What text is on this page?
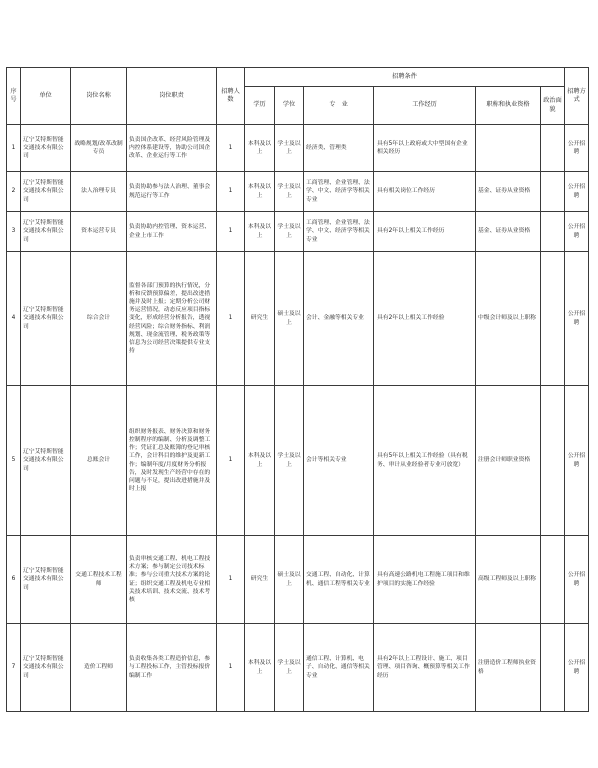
序号	单位	岗位名称	岗位职责	招聘人数	招聘条件						招聘方式
					学历	学位	专　业	工作经历	职称和执业资格	政治面貌	
1	辽宁艾特斯智能交通技术有限公司	战略规划/改革改制专员	负责国企改革、经营风险管理及内控体系建设等，协助公司国企改革、企业运行等工作	1	本科及以上	学士及以上	经济类、管理类	具有5年以上政府或大中型国有企业相关经历			公开招聘
2	辽宁艾特斯智能交通技术有限公司	法人治理专员	负责协助参与法人治理、董事会规范运行等工作	1	本科及以上	学士及以上	工商管理、企业管理、法学、中文、经济学等相关专业	具有相关岗位工作经历	基金、证券从业资格		公开招聘
3	辽宁艾特斯智能交通技术有限公司	资本运营专员	负责协助内控管理、资本运营、企业上市工作	1	本科及以上	学士及以上	工商管理、企业管理、法学、中文、经济学等相关专业	具有2年以上相关工作经历	基金、证券从业资格		公开招聘
4	辽宁艾特斯智能交通技术有限公司	综合会计	监督各部门预算的执行情况，分析和反馈预算偏差，提出改进措施并及时上报；定期分析公司财务运营情况，动态反应项目指标变化，形成经营分析报告，透视经营风险；综合财务指标、利润规划、现金流管理、税务政策等信息为公司经营决策提供专业支持	1	研究生	硕士及以上	会计、金融等相关专业	具有2年以上相关工作经验	中级会计师及以上职称		公开招聘
5	辽宁艾特斯智能交通技术有限公司	总账会计	组织财务报表、财务决算和财务控制程序的编制、分析及调整工作；凭证汇总及账簿的登记审核工作，会计科目的维护及更新工作；编制年度/月度财务分析报告，及时发现生产经营中存在的问题与不足，提出改进措施并及时上报	1	本科及以上	学士及以上	会计等相关专业	具有5年以上相关工作经验（具有税务、审计从业经验者专业可放宽）	注册会计师职业资格		公开招聘
6	辽宁艾特斯智能交通技术有限公司	交通工程技术工程师	负责审核交通工程、机电工程技术方案；参与制定公司技术标准；参与公司重大技术方案的论证；组织交通工程及机电专业相关技术培训、技术交流、技术考核	1	研究生	硕士及以上	交通工程、自动化、计算机、通信工程等相关专业	具有高速公路机电工程施工项目和维护项目的实施工作经验	高级工程师及以上职称		公开招聘
7	辽宁艾特斯智能交通技术有限公司	造价工程师	负责收集各类工程造价信息，参与工程投标工作，主管投标报价编制工作	1	本科及以上	学士及以上	通信工程、计算机、电子、自动化、通信等相关专业	具有2年以上工程设计、施工、项目管理、项目咨询、概预算等相关工作经历	注册造价工程师执业资格		公开招聘
